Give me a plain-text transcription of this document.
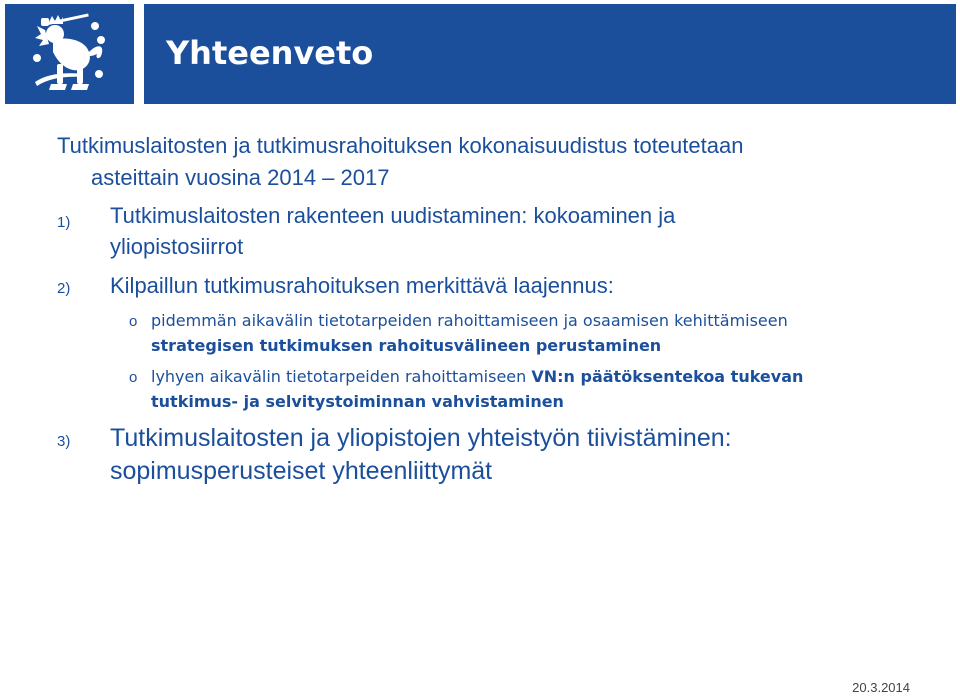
Yhteenveto
Tutkimuslaitosten ja tutkimusrahoituksen kokonaisuudistus toteutetaan
asteittain vuosina 2014 – 2017
1) Tutkimuslaitosten rakenteen uudistaminen: kokoaminen ja
yliopistosiirrot
2) Kilpaillun tutkimusrahoituksen merkittävä laajennus:
o pidemmän aikavälin tietotarpeiden rahoittamiseen ja osaamisen kehittämiseen
strategisen tutkimuksen rahoitusvälineen perustaminen
o lyhyen aikavälin tietotarpeiden rahoittamiseen VN:n päätöksentekoa tukevan
tutkimus- ja selvitystoiminnan vahvistaminen
3) Tutkimuslaitosten ja yliopistojen yhteistyön tiivistäminen:
sopimusperusteiset yhteenliittymät
20.3.2014
